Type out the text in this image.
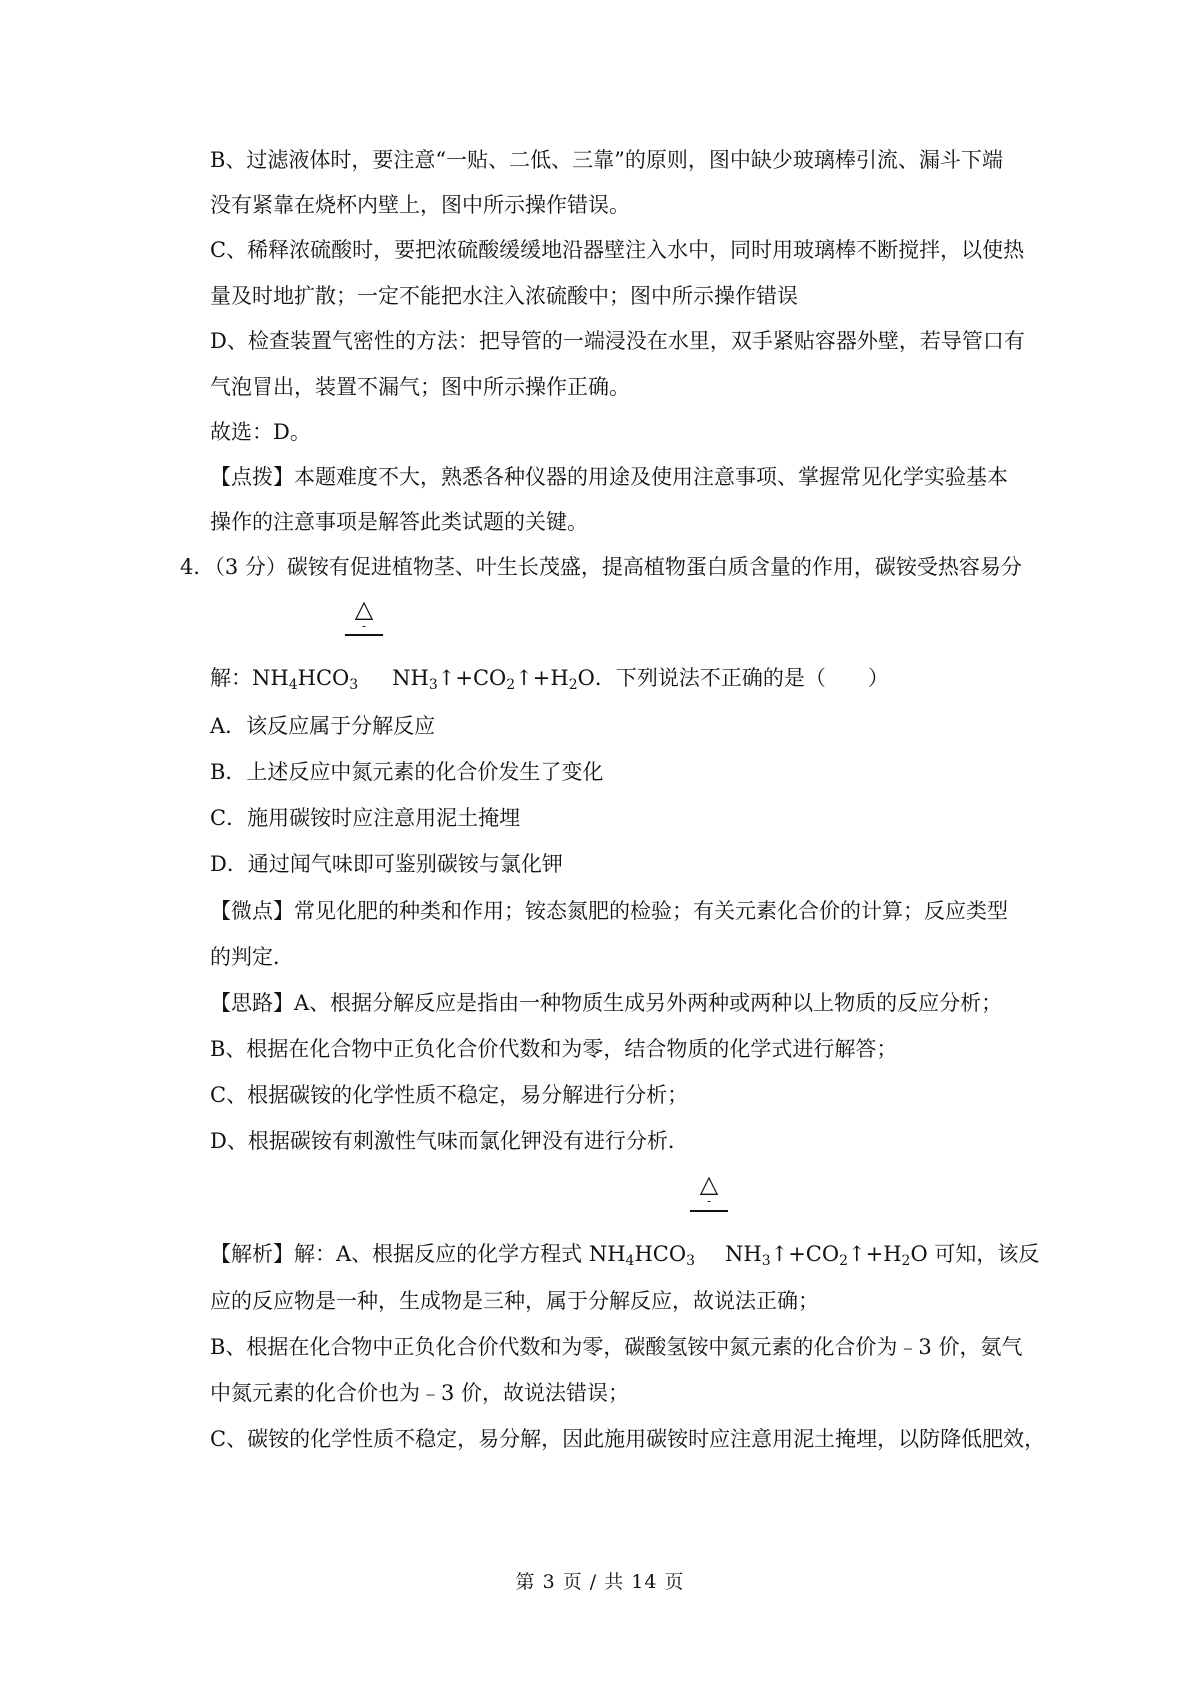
B、过滤液体时，要注意“一贴、二低、三靠”的原则，图中缺少玻璃棒引流、漏斗下端
没有紧靠在烧杯内壁上，图中所示操作错误。
C、稀释浓硫酸时，要把浓硫酸缓缓地沿器壁注入水中，同时用玻璃棒不断搅拌，以使热
量及时地扩散；一定不能把水注入浓硫酸中；图中所示操作错误
D、检查装置气密性的方法：把导管的一端浸没在水里，双手紧贴容器外壁，若导管口有
气泡冒出，装置不漏气；图中所示操作正确。
故选：D。
【点拨】本题难度不大，熟悉各种仪器的用途及使用注意事项、掌握常见化学实验基本
操作的注意事项是解答此类试题的关键。
4．（3 分）碳铵有促进植物茎、叶生长茂盛，提高植物蛋白质含量的作用，碳铵受热容易分
△
-
解：$NH_4HCO_3$ $NH_3↑+CO_2↑+H_2O$．下列说法不正确的是（　　）
A．该反应属于分解反应
B．上述反应中氮元素的化合价发生了变化
C．施用碳铵时应注意用泥土掩埋
D．通过闻气味即可鉴别碳铵与氯化钾
【微点】常见化肥的种类和作用；铵态氮肥的检验；有关元素化合价的计算；反应类型
的判定．
【思路】A、根据分解反应是指由一种物质生成另外两种或两种以上物质的反应分析；
B、根据在化合物中正负化合价代数和为零，结合物质的化学式进行解答；
C、根据碳铵的化学性质不稳定，易分解进行分析；
D、根据碳铵有刺激性气味而氯化钾没有进行分析．
△
-
【解析】解：A、根据反应的化学方程式 $NH_4HCO_3$ $NH_3↑+CO_2↑+H_2O$ 可知，该反
应的反应物是一种，生成物是三种，属于分解反应，故说法正确；
B、根据在化合物中正负化合价代数和为零，碳酸氢铵中氮元素的化合价为﹣3 价，氨气
中氮元素的化合价也为﹣3 价，故说法错误；
C、碳铵的化学性质不稳定，易分解，因此施用碳铵时应注意用泥土掩埋，以防降低肥效，
第 3 页 / 共 14 页
